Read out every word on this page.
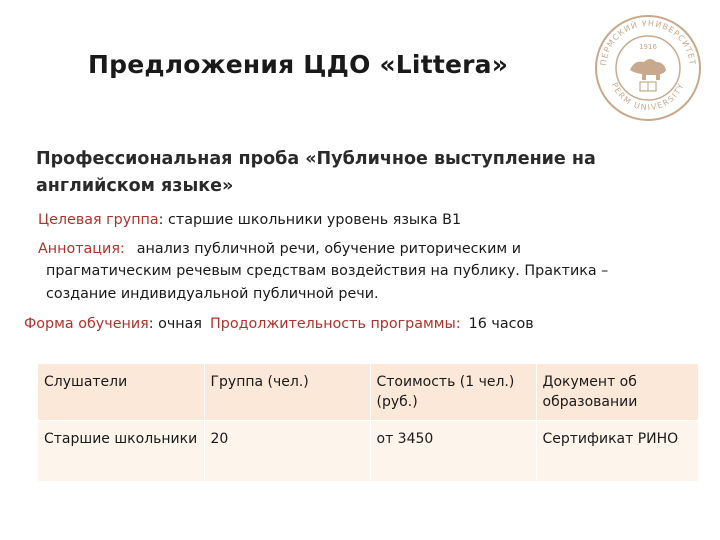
Предложения ЦДО «Littera»	ПЕРМСКИЙ УНИВЕРСИТЕТ
PERM UNIVERSITY
1916
Профессиональная проба «Публичное выступление на английском языке»
Целевая группа: старшие школьники уровень языка В1
Аннотация: анализ публичной речи, обучение риторическим и
прагматическим речевым средствам воздействия на публику. Практика –
создание индивидуальной публичной речи.
Форма обучения: очная Продолжительность программы: 16 часов
Слушатели	Группа (чел.)	Стоимость (1 чел.) (руб.)	Документ об образовании
Старшие школьники	20	от 3450	Сертификат РИНО
